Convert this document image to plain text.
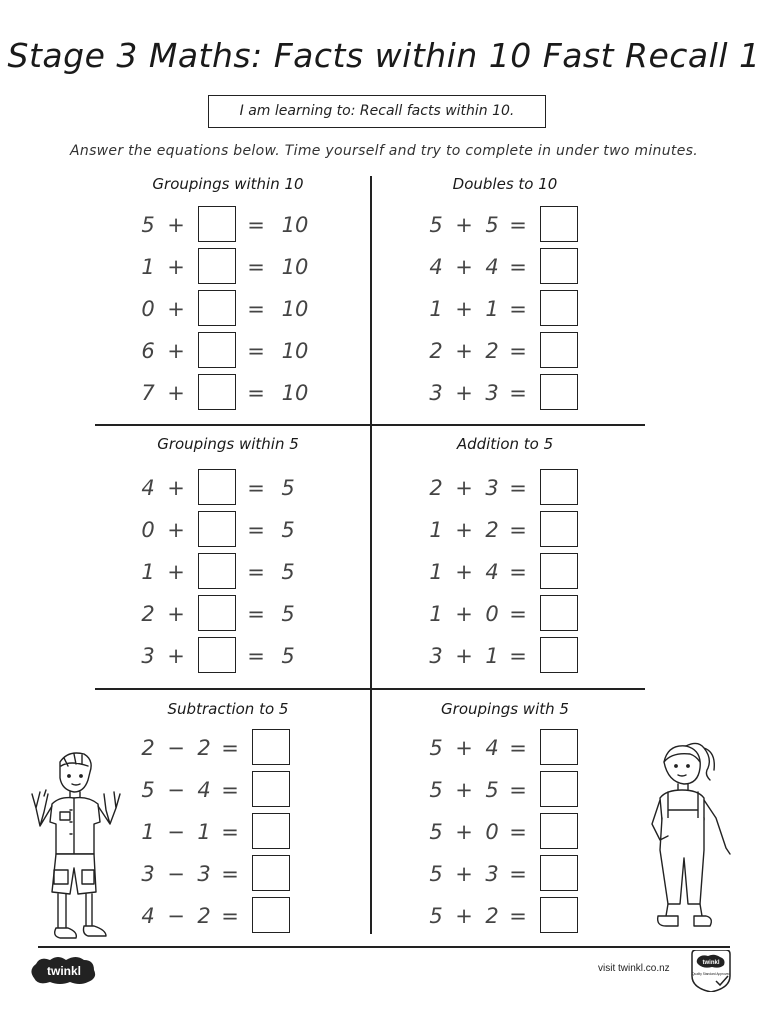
Stage 3 Maths: Facts within 10 Fast Recall 1
I am learning to: Recall facts within 10.
Answer the equations below. Time yourself and try to complete in under two minutes.
Groupings within 10
5 +	= 10
1 +	= 10
0 +	= 10
6 +	= 10
7 +	= 10
Doubles to 10
5 + 5 =
4 + 4 =
1 + 1 =
2 + 2 =
3 + 3 =
Groupings within 5
4 +	= 5
0 +	= 5
1 +	= 5
2 +	= 5
3 +	= 5
Addition to 5
2 + 3 =
1 + 2 =
1 + 4 =
1 + 0 =
3 + 1 =
Subtraction to 5
2 − 2 =
5 − 4 =
1 − 1 =
3 − 3 =
4 − 2 =
Groupings with 5
5 + 4 =
5 + 5 =
5 + 0 =
5 + 3 =
5 + 2 =
twinkl	visit twinkl.co.nz	twinkl
Quality Standard Approved
